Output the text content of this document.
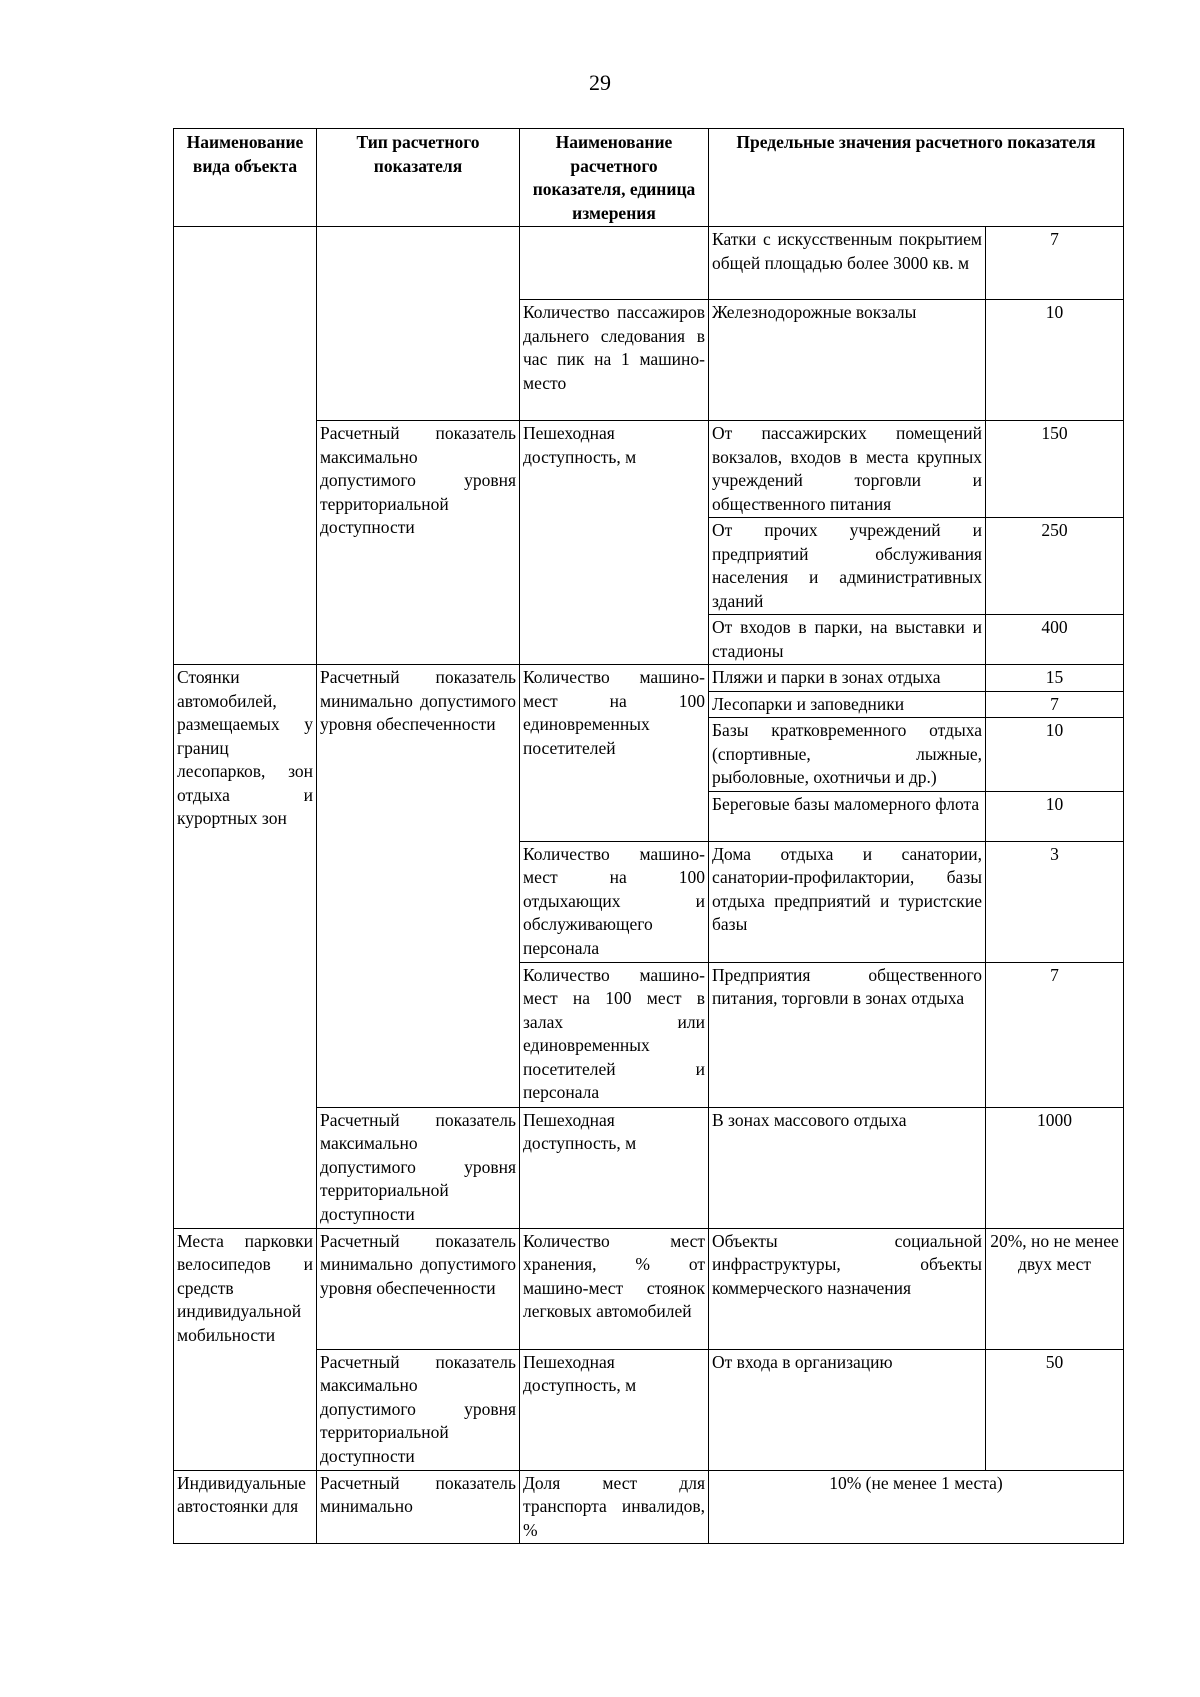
29
Наименование вида объекта	Тип расчетного показателя	Наименование расчетного показателя, единица измерения	Предельные значения расчетного показателя	
			Катки с искусственным покрытием общей площадью более 3000 кв. м	7
		Количество пассажиров дальнего следования в час пик на 1 машино-место	Железнодорожные вокзалы	10
	Расчетный показатель максимально допустимого уровня территориальной доступности	Пешеходная доступность, м	От пассажирских помещений вокзалов, входов в места крупных учреждений торговли и общественного питания	150
			От прочих учреждений и предприятий обслуживания населения и административных зданий	250
			От входов в парки, на выставки и стадионы	400
Стоянки автомобилей, размещаемых у границ лесопарков, зон отдыха и курортных зон	Расчетный показатель минимально допустимого уровня обеспеченности	Количество машино-мест на 100 единовременных посетителей	Пляжи и парки в зонах отдыха	15
			Лесопарки и заповедники	7
			Базы кратковременного отдыха (спортивные, лыжные, рыболовные, охотничьи и др.)	10
			Береговые базы маломерного флота	10
		Количество машино-мест на 100 отдыхающих и обслуживающего персонала	Дома отдыха и санатории, санатории-профилактории, базы отдыха предприятий и туристские базы	3
		Количество машино-мест на 100 мест в залах или единовременных посетителей и персонала	Предприятия общественного питания, торговли в зонах отдыха	7
	Расчетный показатель максимально допустимого уровня территориальной доступности	Пешеходная доступность, м	В зонах массового отдыха	1000
Места парковки велосипедов и средств индивидуальной мобильности	Расчетный показатель минимально допустимого уровня обеспеченности	Количество мест хранения, % от машино-мест стоянок легковых автомобилей	Объекты социальной инфраструктуры, объекты коммерческого назначения	20%, но не менее двух мест
	Расчетный показатель максимально допустимого уровня территориальной доступности	Пешеходная доступность, м	От входа в организацию	50
Индивидуальные автостоянки для	Расчетный показатель минимально	Доля мест для транспорта инвалидов, %	10% (не менее 1 места)	
